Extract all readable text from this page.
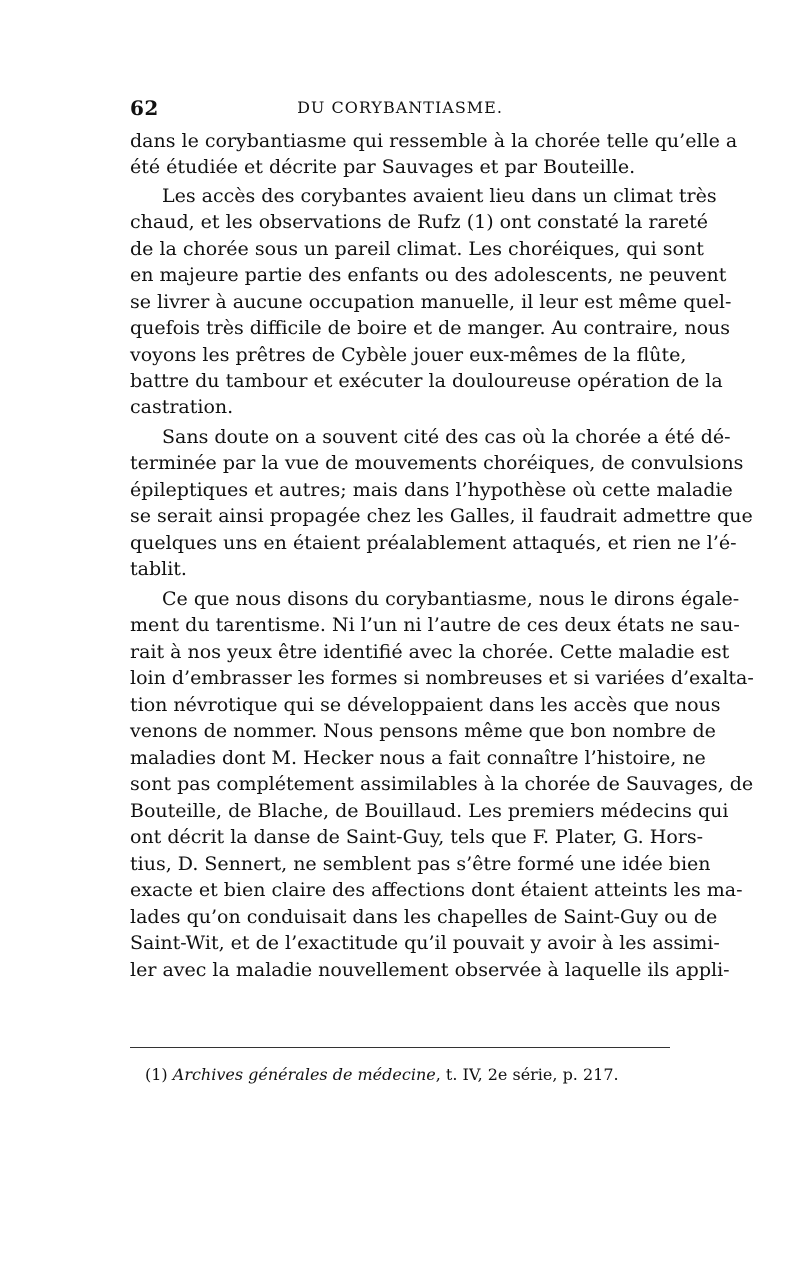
62	DU CORYBANTIASME.
dans le corybantiasme qui ressemble à la chorée telle qu’elle a
été étudiée et décrite par Sauvages et par Bouteille.
Les accès des corybantes avaient lieu dans un climat très
chaud, et les observations de Rufz (1) ont constaté la rareté
de la chorée sous un pareil climat. Les choréiques, qui sont
en majeure partie des enfants ou des adolescents, ne peuvent
se livrer à aucune occupation manuelle, il leur est même quel-
quefois très difficile de boire et de manger. Au contraire, nous
voyons les prêtres de Cybèle jouer eux-mêmes de la flûte,
battre du tambour et exécuter la douloureuse opération de la
castration.
Sans doute on a souvent cité des cas où la chorée a été dé-
terminée par la vue de mouvements choréiques, de convulsions
épileptiques et autres; mais dans l’hypothèse où cette maladie
se serait ainsi propagée chez les Galles, il faudrait admettre que
quelques uns en étaient préalablement attaqués, et rien ne l’é-
tablit.
Ce que nous disons du corybantiasme, nous le dirons égale-
ment du tarentisme. Ni l’un ni l’autre de ces deux états ne sau-
rait à nos yeux être identifié avec la chorée. Cette maladie est
loin d’embrasser les formes si nombreuses et si variées d’exalta-
tion névrotique qui se développaient dans les accès que nous
venons de nommer. Nous pensons même que bon nombre de
maladies dont M. Hecker nous a fait connaître l’histoire, ne
sont pas complétement assimilables à la chorée de Sauvages, de
Bouteille, de Blache, de Bouillaud. Les premiers médecins qui
ont décrit la danse de Saint-Guy, tels que F. Plater, G. Hors-
tius, D. Sennert, ne semblent pas s’être formé une idée bien
exacte et bien claire des affections dont étaient atteints les ma-
lades qu’on conduisait dans les chapelles de Saint-Guy ou de
Saint-Wit, et de l’exactitude qu’il pouvait y avoir à les assimi-
ler avec la maladie nouvellement observée à laquelle ils appli-
(1) Archives générales de médecine, t. IV, 2e série, p. 217.
